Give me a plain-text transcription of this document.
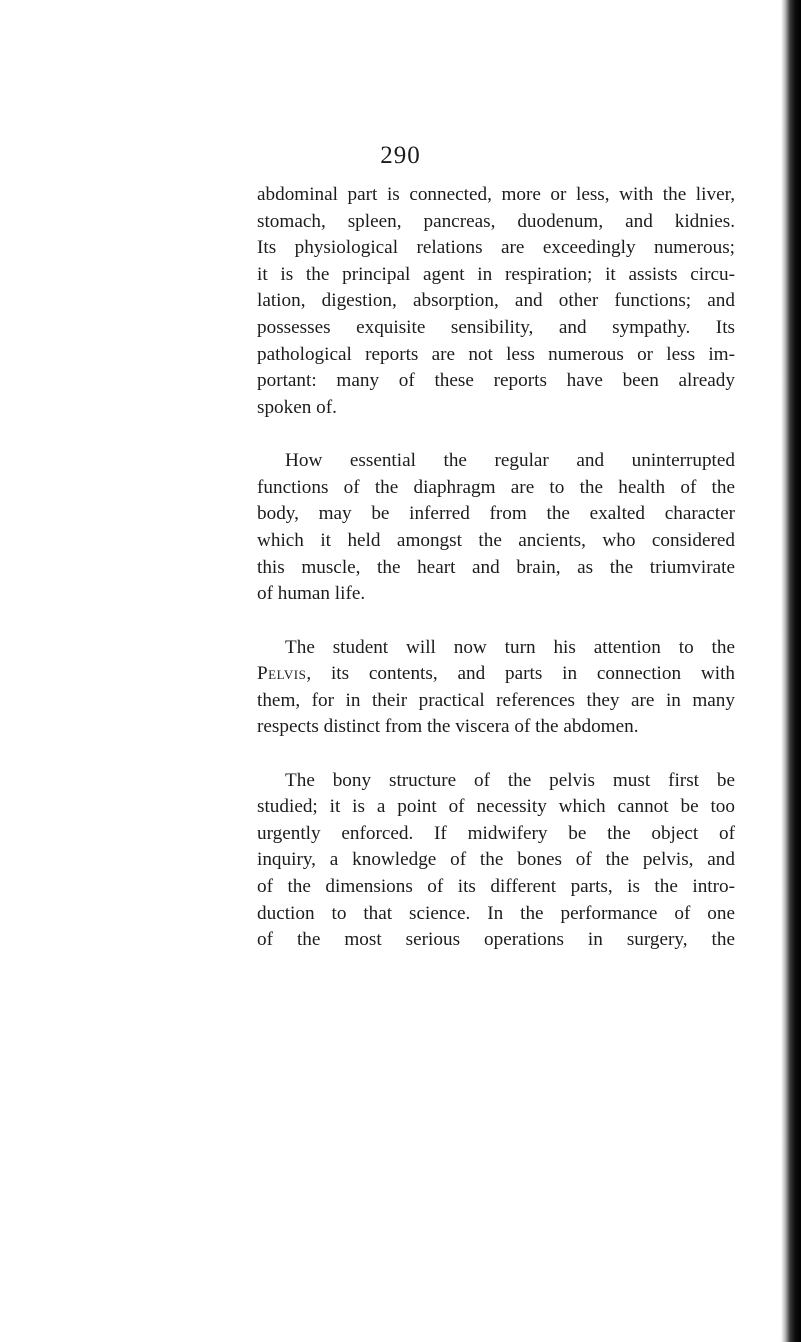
290

abdominal part is connected, more or less, with the liver,
stomach, spleen, pancreas, duodenum, and kidnies.
Its physiological relations are exceedingly numerous;
it is the principal agent in respiration; it assists circu-
lation, digestion, absorption, and other functions; and
possesses exquisite sensibility, and sympathy. Its
pathological reports are not less numerous or less im-
portant: many of these reports have been already
spoken of.

How essential the regular and uninterrupted
functions of the diaphragm are to the health of the
body, may be inferred from the exalted character
which it held amongst the ancients, who considered
this muscle, the heart and brain, as the triumvirate
of human life.

The student will now turn his attention to the
Pelvis, its contents, and parts in connection with
them, for in their practical references they are in many
respects distinct from the viscera of the abdomen.

The bony structure of the pelvis must first be
studied; it is a point of necessity which cannot be too
urgently enforced. If midwifery be the object of
inquiry, a knowledge of the bones of the pelvis, and
of the dimensions of its different parts, is the intro-
duction to that science. In the performance of one
of the most serious operations in surgery, the
